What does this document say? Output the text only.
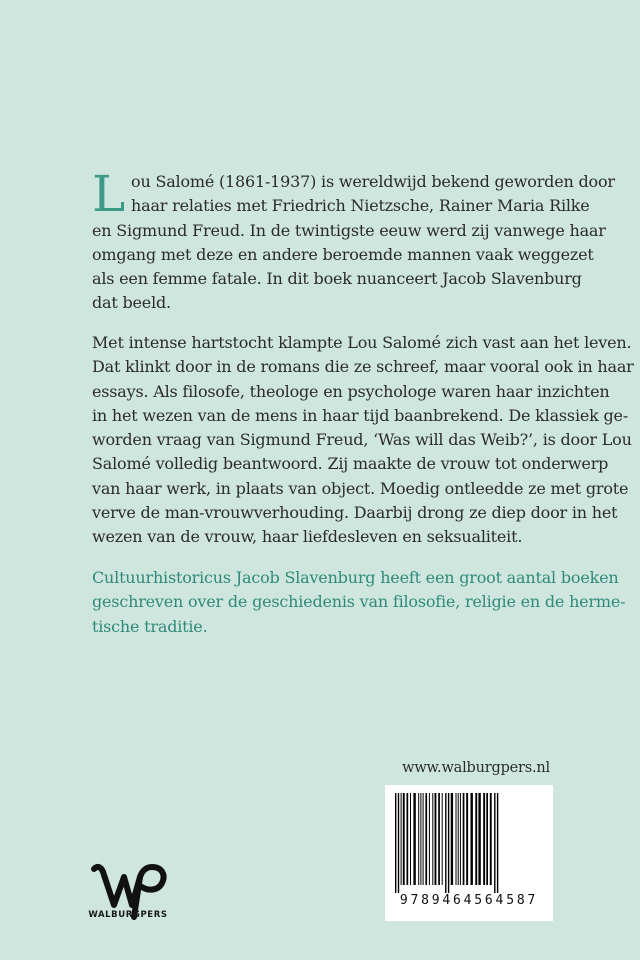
L ou Salomé (1861-1937) is wereldwijd bekend geworden door
haar relaties met Friedrich Nietzsche, Rainer Maria Rilke
en Sigmund Freud. In de twintigste eeuw werd zij vanwege haar
omgang met deze en andere beroemde mannen vaak weggezet
als een femme fatale. In dit boek nuanceert Jacob Slavenburg
dat beeld.
Met intense hartstocht klampte Lou Salomé zich vast aan het leven.
Dat klinkt door in de romans die ze schreef, maar vooral ook in haar
essays. Als filosofe, theologe en psychologe waren haar inzichten
in het wezen van de mens in haar tijd baanbrekend. De klassiek ge-
worden vraag van Sigmund Freud, ‘Was will das Weib?’, is door Lou
Salomé volledig beantwoord. Zij maakte de vrouw tot onderwerp
van haar werk, in plaats van object. Moedig ontleedde ze met grote
verve de man-vrouwverhouding. Daarbij drong ze diep door in het
wezen van de vrouw, haar liefdesleven en seksualiteit.
Cultuurhistoricus Jacob Slavenburg heeft een groot aantal boeken
geschreven over de geschiedenis van filosofie, religie en de herme-
tische traditie.
www.walburgpers.nl
9789464564587
WALBURGPERS
